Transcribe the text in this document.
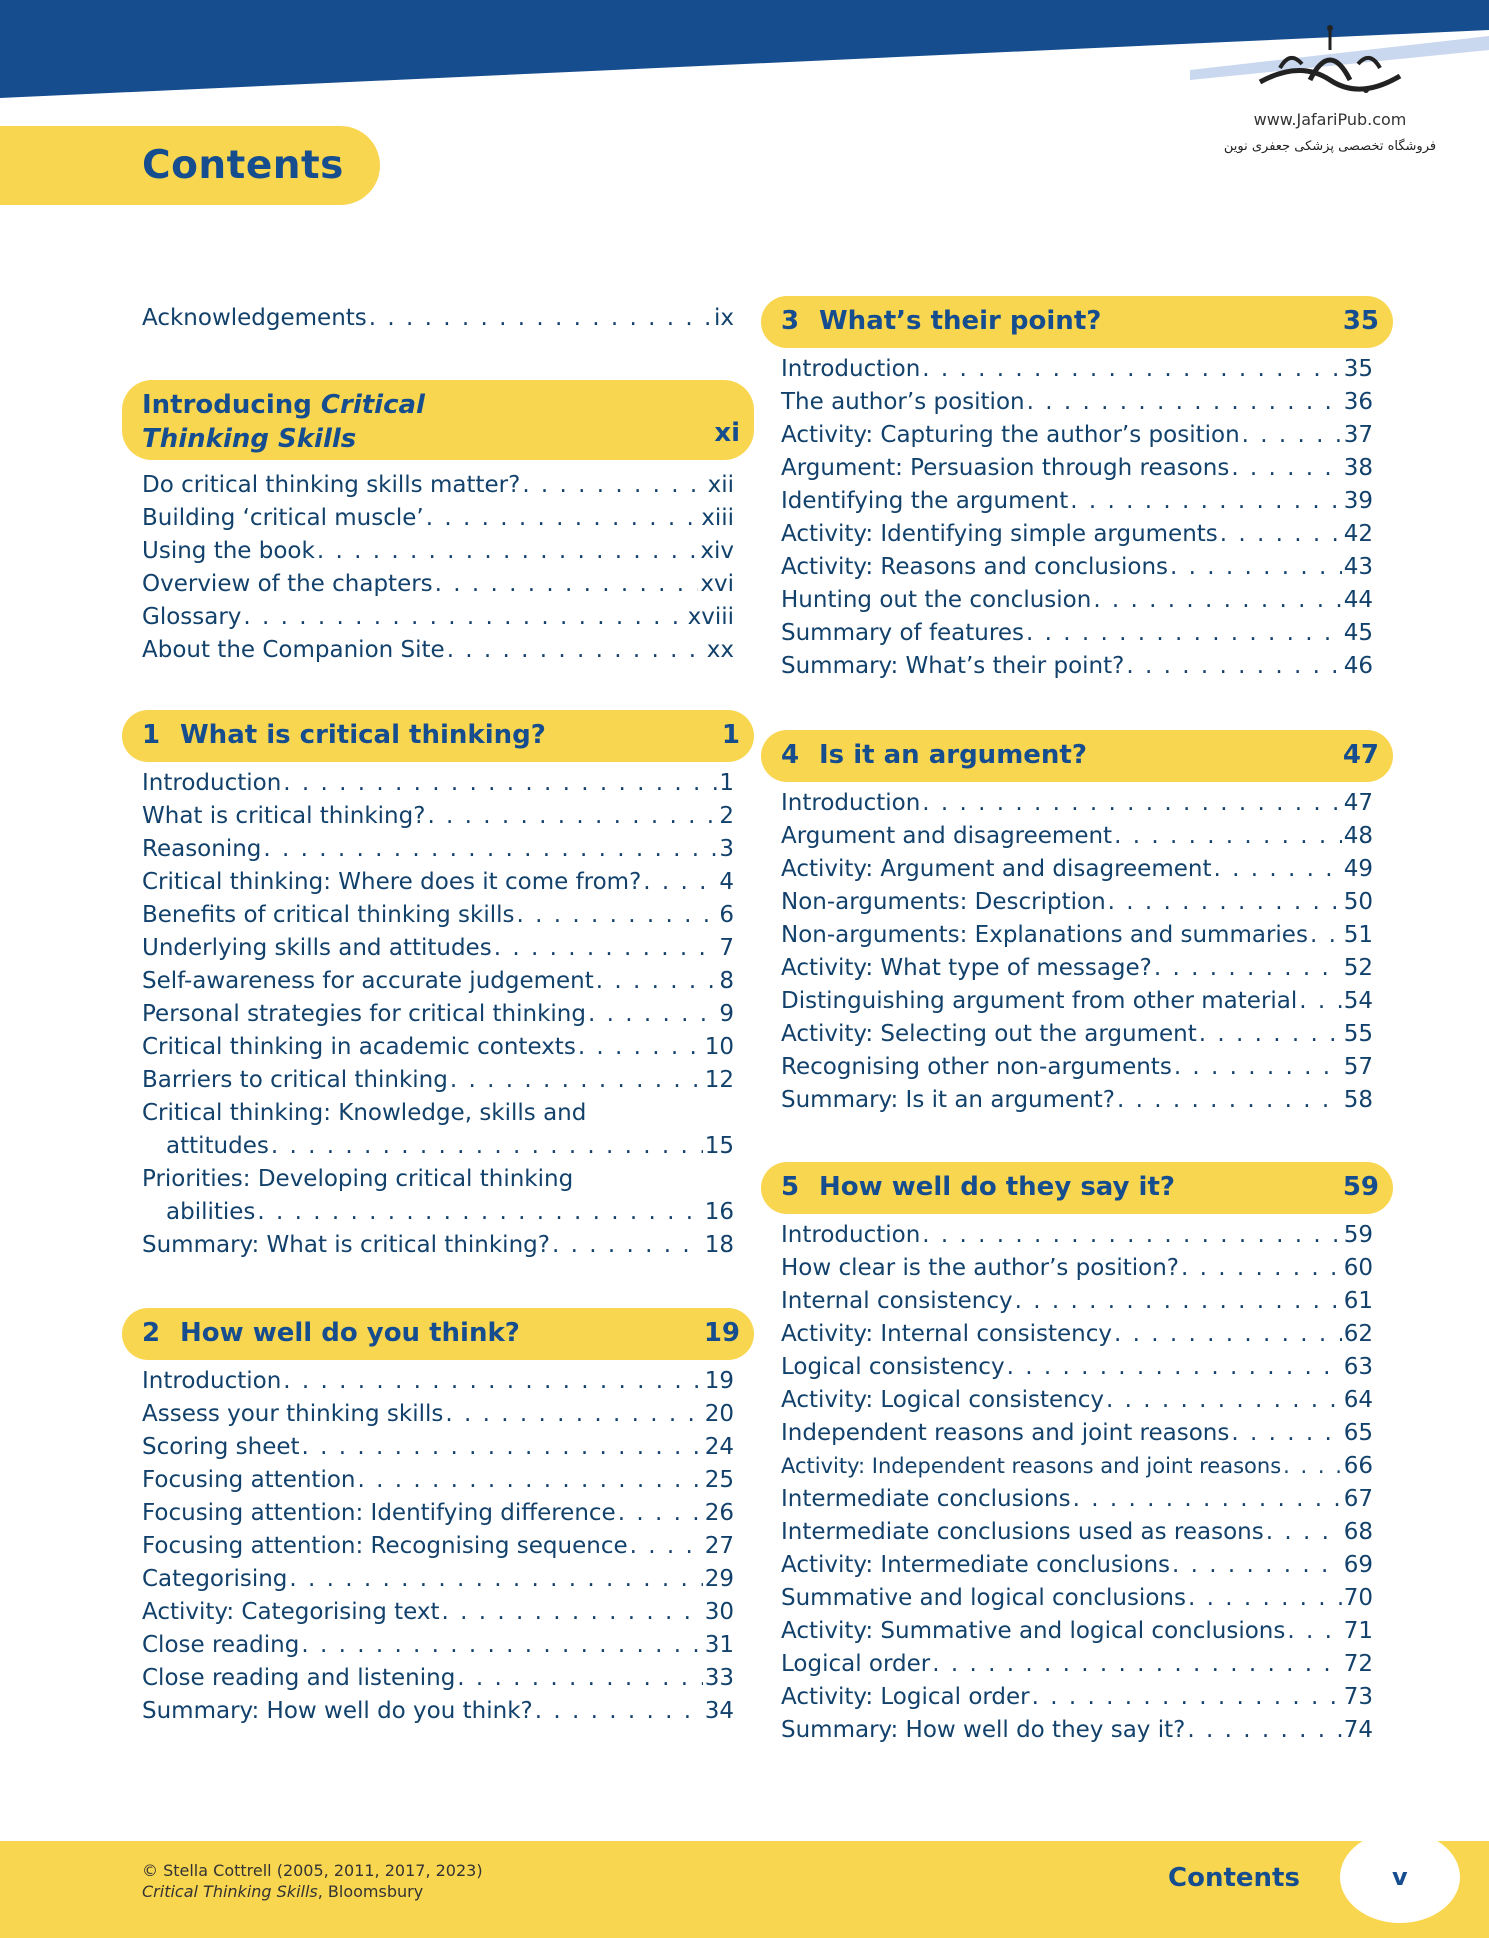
www.JafariPub.com
فروشگاه تخصصی پزشکی جعفری نوین
Contents
Acknowledgements . . .	ix
Introducing Critical
Thinking Skills	xi
Do critical thinking skills matter? . . .	xii
Building ‘critical muscle’ . . .	xiii
Using the book . . .	xiv
Overview of the chapters . . .	xvi
Glossary . . .	xviii
About the Companion Site . . .	xx
1 What is critical thinking?	1
Introduction . . .	1
What is critical thinking? . . .	2
Reasoning . . .	3
Critical thinking: Where does it come from? . . .	4
Benefits of critical thinking skills . . .	6
Underlying skills and attitudes . . .	7
Self-awareness for accurate judgement . . .	8
Personal strategies for critical thinking . . .	9
Critical thinking in academic contexts . . .	10
Barriers to critical thinking . . .	12
Critical thinking: Knowledge, skills and
attitudes . . .	15
Priorities: Developing critical thinking
abilities . . .	16
Summary: What is critical thinking? . . .	18
2 How well do you think?	19
Introduction . . .	19
Assess your thinking skills . . .	20
Scoring sheet . . .	24
Focusing attention . . .	25
Focusing attention: Identifying difference . . .	26
Focusing attention: Recognising sequence . . .	27
Categorising . . .	29
Activity: Categorising text . . .	30
Close reading . . .	31
Close reading and listening . . .	33
Summary: How well do you think? . . .	34
3 What’s their point?	35
Introduction . . .	35
The author’s position . . .	36
Activity: Capturing the author’s position . . .	37
Argument: Persuasion through reasons . . .	38
Identifying the argument . . .	39
Activity: Identifying simple arguments . . .	42
Activity: Reasons and conclusions . . .	43
Hunting out the conclusion . . .	44
Summary of features . . .	45
Summary: What’s their point? . . .	46
4 Is it an argument?	47
Introduction . . .	47
Argument and disagreement . . .	48
Activity: Argument and disagreement . . .	49
Non-arguments: Description . . .	50
Non-arguments: Explanations and summaries . . . 51
Activity: What type of message? . . .	52
Distinguishing argument from other material . . . 54
Activity: Selecting out the argument . . .	55
Recognising other non-arguments . . .	57
Summary: Is it an argument? . . .	58
5 How well do they say it?	59
Introduction . . .	59
How clear is the author’s position? . . .	60
Internal consistency . . .	61
Activity: Internal consistency . . .	62
Logical consistency . . .	63
Activity: Logical consistency . . .	64
Independent reasons and joint reasons . . .	65
Activity: Independent reasons and joint reasons . . .	66
Intermediate conclusions . . .	67
Intermediate conclusions used as reasons . . .	68
Activity: Intermediate conclusions . . .	69
Summative and logical conclusions . . .	70
Activity: Summative and logical conclusions . . .	71
Logical order . . .	72
Activity: Logical order . . .	73
Summary: How well do they say it? . . .	74
© Stella Cottrell (2005, 2011, 2017, 2023)
Critical Thinking Skills, Bloomsbury	Contents	v
